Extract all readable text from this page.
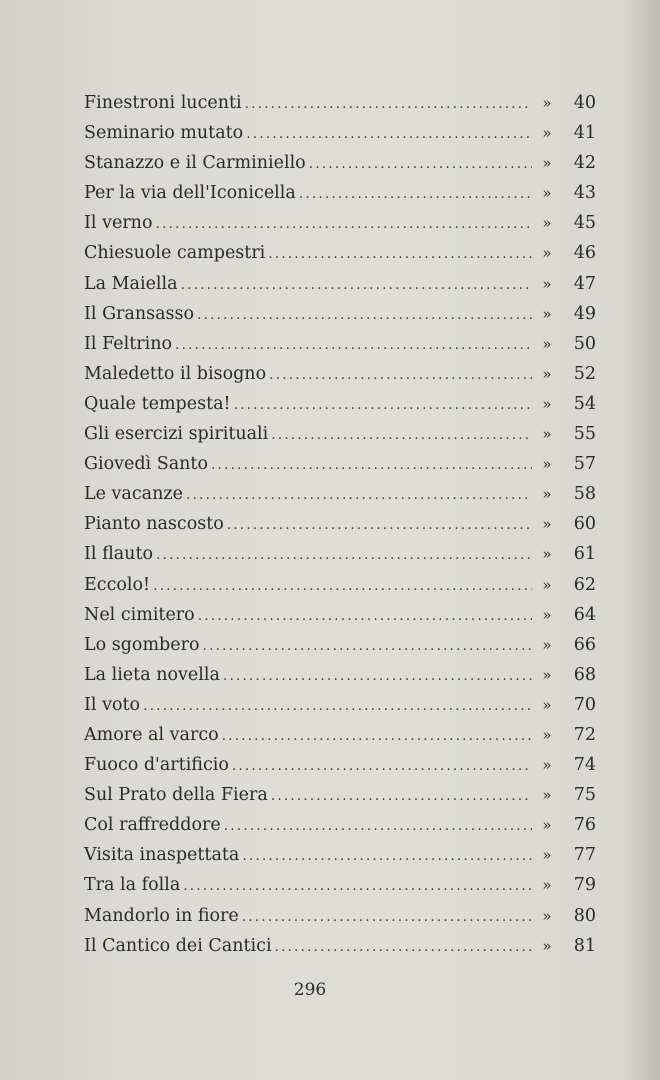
Finestroni lucenti . . .	»	40
Seminario mutato . . .	»	41
Stanazzo e il Carminiello . . .	»	42
Per la via dell'Iconicella . . .	»	43
Il verno . . .	»	45
Chiesuole campestri . . .	»	46
La Maiella . . .	»	47
Il Gransasso . . .	»	49
Il Feltrino . . .	»	50
Maledetto il bisogno . . .	»	52
Quale tempesta! . . .	»	54
Gli esercizi spirituali . . .	»	55
Giovedì Santo . . .	»	57
Le vacanze . . .	»	58
Pianto nascosto . . .	»	60
Il flauto . . .	»	61
Eccolo! . . .	»	62
Nel cimitero . . .	»	64
Lo sgombero . . .	»	66
La lieta novella . . .	»	68
Il voto . . .	»	70
Amore al varco . . .	»	72
Fuoco d'artificio . . .	»	74
Sul Prato della Fiera . . .	»	75
Col raffreddore . . .	»	76
Visita inaspettata . . .	»	77
Tra la folla . . .	»	79
Mandorlo in fiore . . .	»	80
Il Cantico dei Cantici . . .	»	81
296
